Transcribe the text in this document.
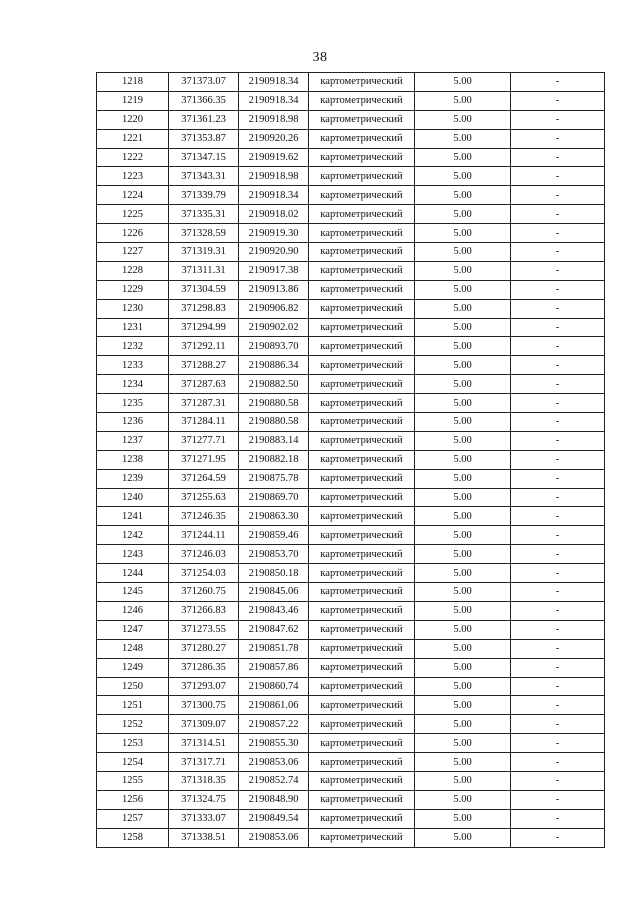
38
1218	371373.07	2190918.34	картометрический	5.00	-
1219	371366.35	2190918.34	картометрический	5.00	-
1220	371361.23	2190918.98	картометрический	5.00	-
1221	371353.87	2190920.26	картометрический	5.00	-
1222	371347.15	2190919.62	картометрический	5.00	-
1223	371343.31	2190918.98	картометрический	5.00	-
1224	371339.79	2190918.34	картометрический	5.00	-
1225	371335.31	2190918.02	картометрический	5.00	-
1226	371328.59	2190919.30	картометрический	5.00	-
1227	371319.31	2190920.90	картометрический	5.00	-
1228	371311.31	2190917.38	картометрический	5.00	-
1229	371304.59	2190913.86	картометрический	5.00	-
1230	371298.83	2190906.82	картометрический	5.00	-
1231	371294.99	2190902.02	картометрический	5.00	-
1232	371292.11	2190893.70	картометрический	5.00	-
1233	371288.27	2190886.34	картометрический	5.00	-
1234	371287.63	2190882.50	картометрический	5.00	-
1235	371287.31	2190880.58	картометрический	5.00	-
1236	371284.11	2190880.58	картометрический	5.00	-
1237	371277.71	2190883.14	картометрический	5.00	-
1238	371271.95	2190882.18	картометрический	5.00	-
1239	371264.59	2190875.78	картометрический	5.00	-
1240	371255.63	2190869.70	картометрический	5.00	-
1241	371246.35	2190863.30	картометрический	5.00	-
1242	371244.11	2190859.46	картометрический	5.00	-
1243	371246.03	2190853.70	картометрический	5.00	-
1244	371254.03	2190850.18	картометрический	5.00	-
1245	371260.75	2190845.06	картометрический	5.00	-
1246	371266.83	2190843.46	картометрический	5.00	-
1247	371273.55	2190847.62	картометрический	5.00	-
1248	371280.27	2190851.78	картометрический	5.00	-
1249	371286.35	2190857.86	картометрический	5.00	-
1250	371293.07	2190860.74	картометрический	5.00	-
1251	371300.75	2190861.06	картометрический	5.00	-
1252	371309.07	2190857.22	картометрический	5.00	-
1253	371314.51	2190855.30	картометрический	5.00	-
1254	371317.71	2190853.06	картометрический	5.00	-
1255	371318.35	2190852.74	картометрический	5.00	-
1256	371324.75	2190848.90	картометрический	5.00	-
1257	371333.07	2190849.54	картометрический	5.00	-
1258	371338.51	2190853.06	картометрический	5.00	-
